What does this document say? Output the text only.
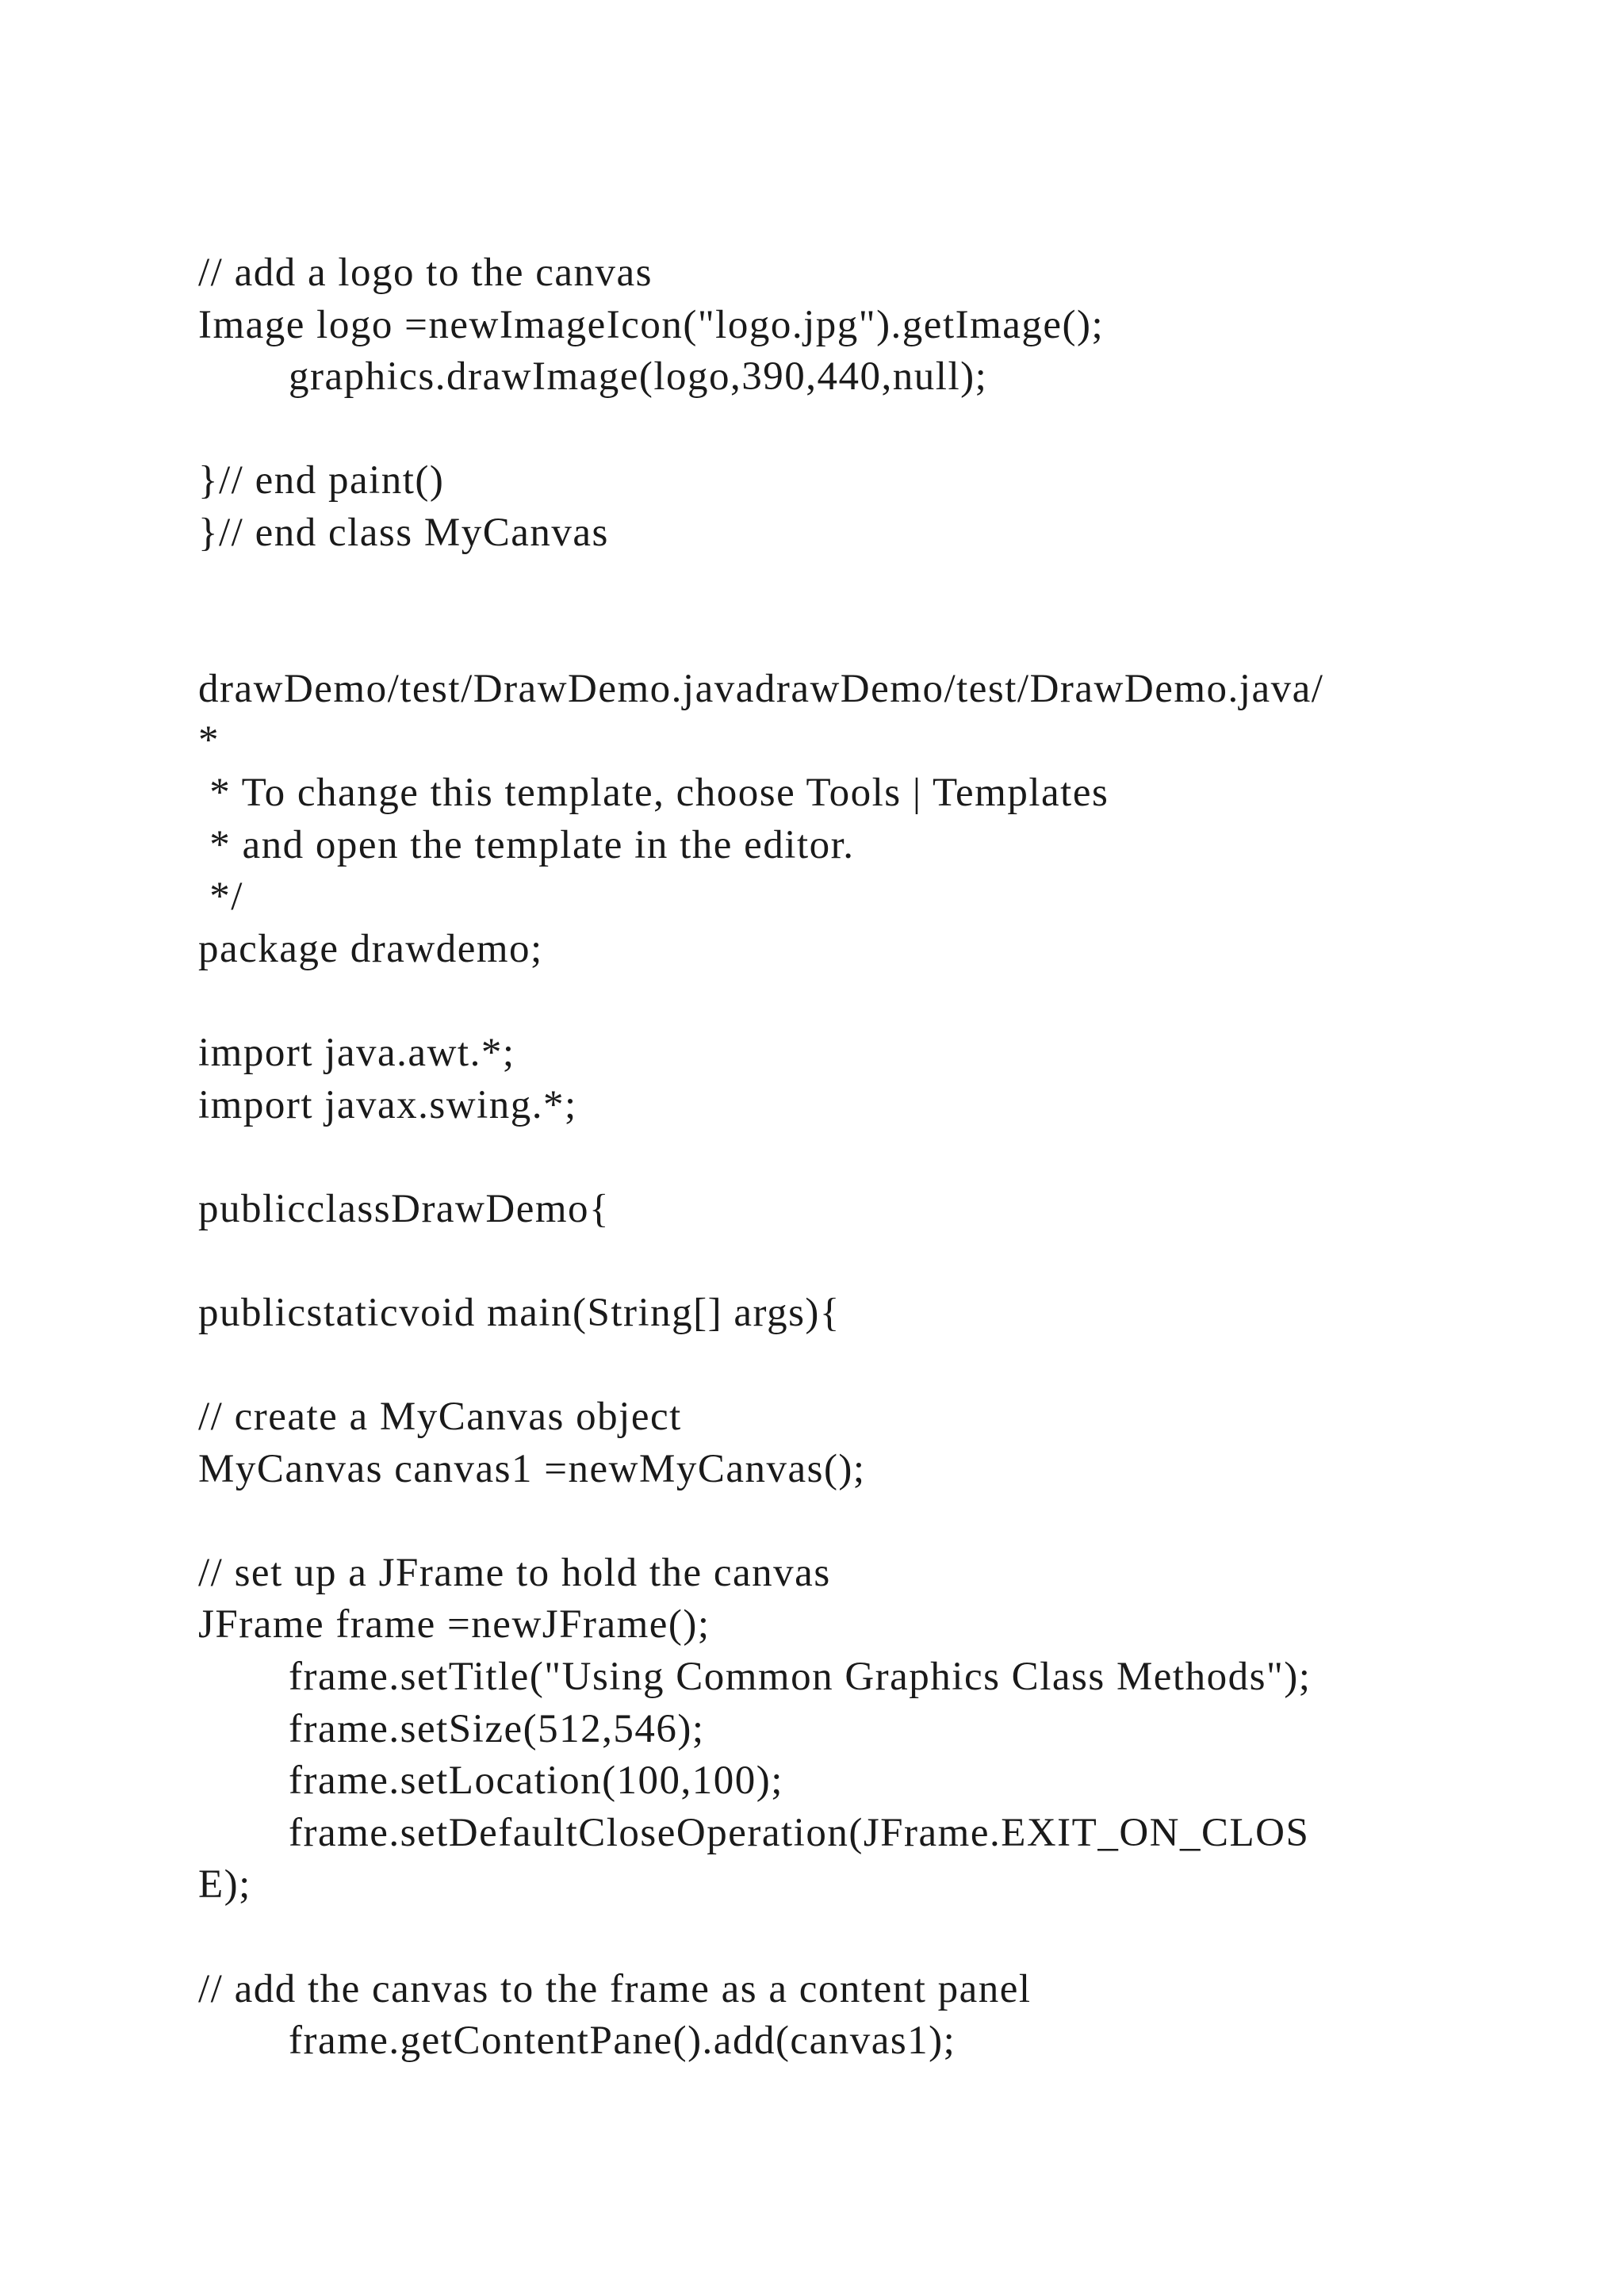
// add a logo to the canvas
Image logo =newImageIcon("logo.jpg").getImage();
graphics.drawImage(logo,390,440,null);
}// end paint()
}// end class MyCanvas
drawDemo/test/DrawDemo.javadrawDemo/test/DrawDemo.java/
*
* To change this template, choose Tools | Templates
* and open the template in the editor.
*/
package drawdemo;
import java.awt.*;
import javax.swing.*;
publicclassDrawDemo{
publicstaticvoid main(String[] args){
// create a MyCanvas object
MyCanvas canvas1 =newMyCanvas();
// set up a JFrame to hold the canvas
JFrame frame =newJFrame();
frame.setTitle("Using Common Graphics Class Methods");
frame.setSize(512,546);
frame.setLocation(100,100);
frame.setDefaultCloseOperation(JFrame.EXIT_ON_CLOS
E);
// add the canvas to the frame as a content panel
frame.getContentPane().add(canvas1);
